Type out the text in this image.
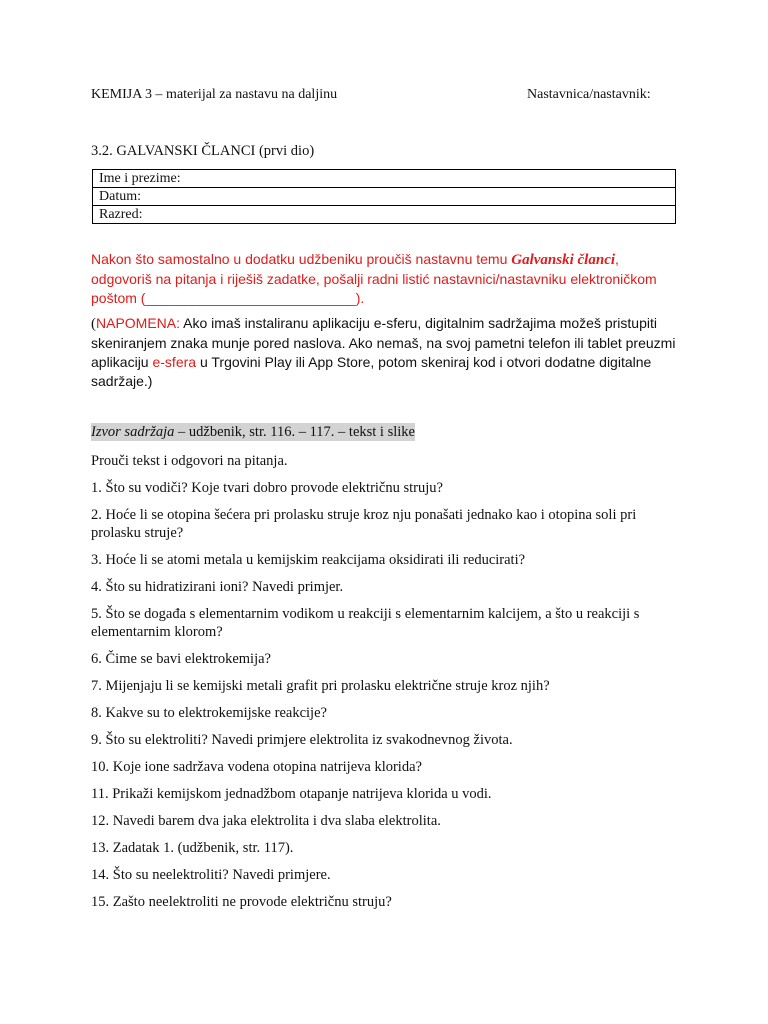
KEMIJA 3 – materijal za nastavu na daljinu	Nastavnica/nastavnik:
3.2. GALVANSKI ČLANCI (prvi dio)
Ime i prezime:
Datum:
Razred:
Nakon što samostalno u dodatku udžbeniku proučiš nastavnu temu Galvanski članci, odgovoriš na pitanja i riješiš zadatke, pošalji radni listić nastavnici/nastavniku elektroničkom poštom (___________________________).
(NAPOMENA: Ako imaš instaliranu aplikaciju e-sferu, digitalnim sadržajima možeš pristupiti skeniranjem znaka munje pored naslova. Ako nemaš, na svoj pametni telefon ili tablet preuzmi aplikaciju e-sfera u Trgovini Play ili App Store, potom skeniraj kod i otvori dodatne digitalne sadržaje.)
Izvor sadržaja – udžbenik, str. 116. – 117. – tekst i slike
Prouči tekst i odgovori na pitanja.
1. Što su vodiči? Koje tvari dobro provode električnu struju?
2. Hoće li se otopina šećera pri prolasku struje kroz nju ponašati jednako kao i otopina soli pri prolasku struje?
3. Hoće li se atomi metala u kemijskim reakcijama oksidirati ili reducirati?
4. Što su hidratizirani ioni? Navedi primjer.
5. Što se događa s elementarnim vodikom u reakciji s elementarnim kalcijem, a što u reakciji s elementarnim klorom?
6. Čime se bavi elektrokemija?
7. Mijenjaju li se kemijski metali grafit pri prolasku električne struje kroz njih?
8. Kakve su to elektrokemijske reakcije?
9. Što su elektroliti? Navedi primjere elektrolita iz svakodnevnog života.
10. Koje ione sadržava vodena otopina natrijeva klorida?
11. Prikaži kemijskom jednadžbom otapanje natrijeva klorida u vodi.
12. Navedi barem dva jaka elektrolita i dva slaba elektrolita.
13. Zadatak 1. (udžbenik, str. 117).
14. Što su neelektroliti? Navedi primjere.
15. Zašto neelektroliti ne provode električnu struju?
